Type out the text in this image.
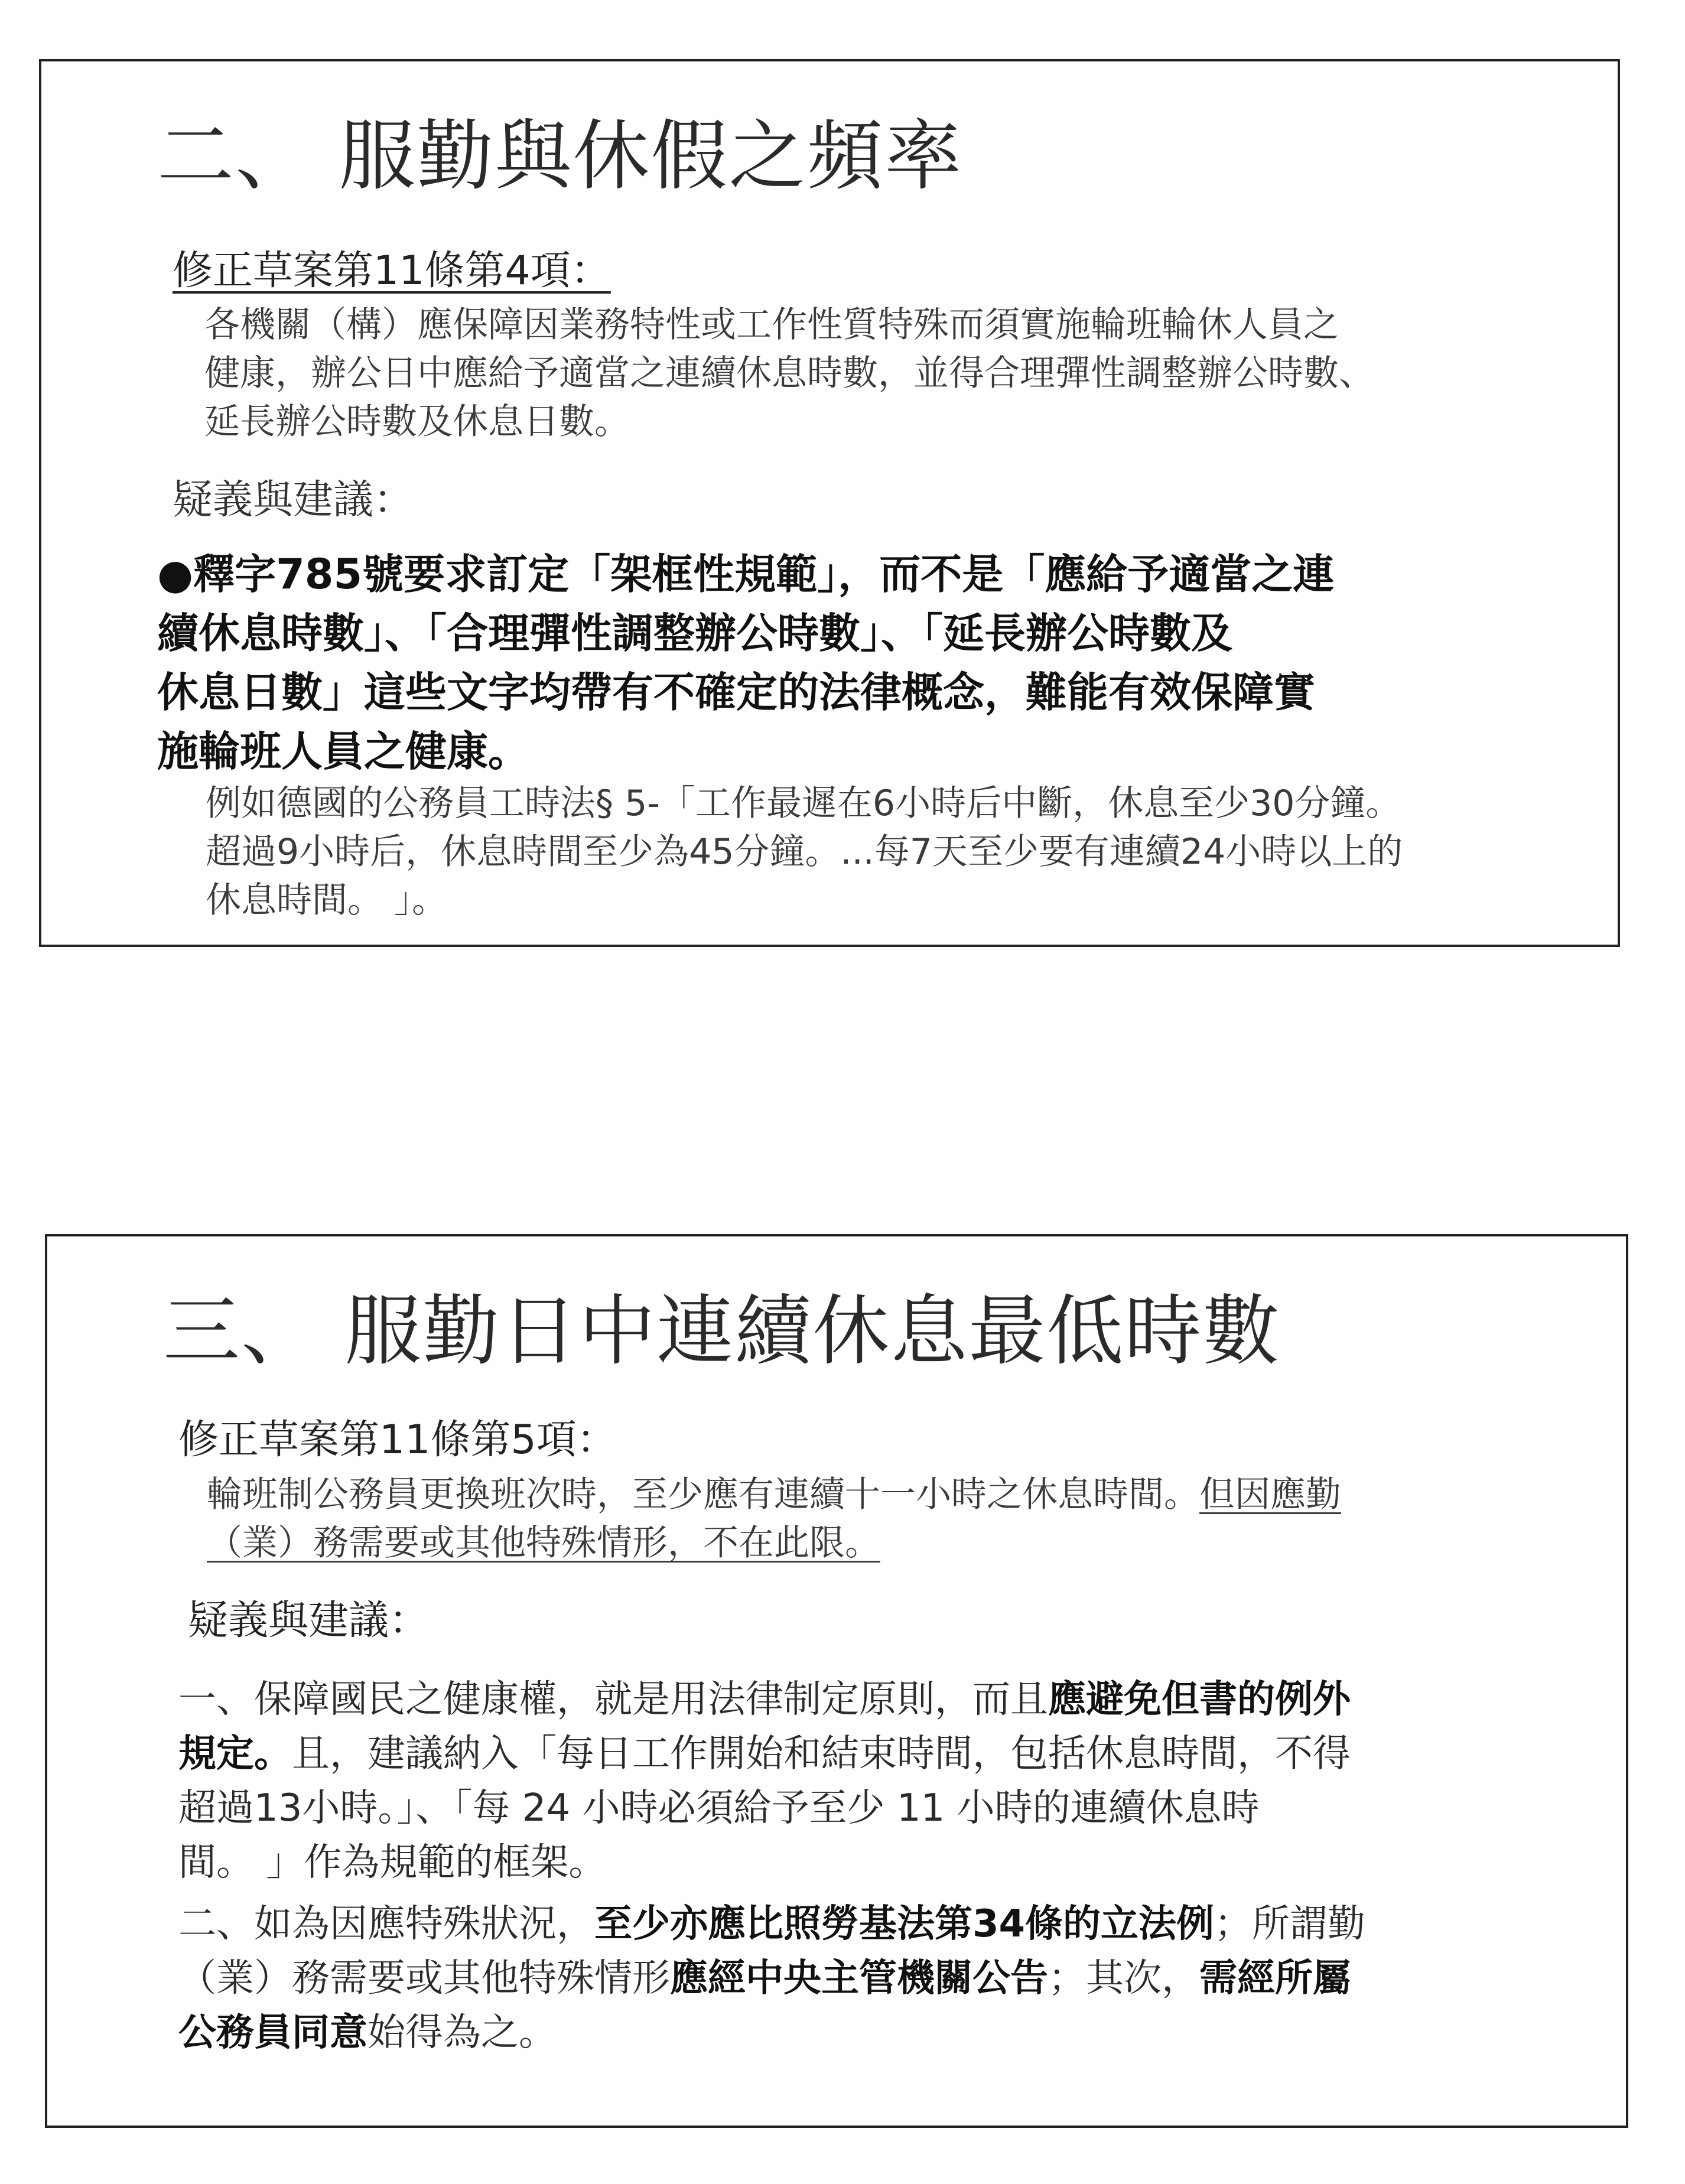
二、 服勤與休假之頻率
修正草案第11條第4項：
各機關（構）應保障因業務特性或工作性質特殊而須實施輪班輪休人員之
健康，辦公日中應給予適當之連續休息時數，並得合理彈性調整辦公時數、
延長辦公時數及休息日數。
疑義與建議：
●釋字785號要求訂定「架框性規範」，而不是「應給予適當之連
續休息時數」、「合理彈性調整辦公時數」、「延長辦公時數及
休息日數」這些文字均帶有不確定的法律概念，難能有效保障實
施輪班人員之健康。
例如德國的公務員工時法§ 5-「工作最遲在6小時后中斷，休息至少30分鐘。
超過9小時后，休息時間至少為45分鐘。...每7天至少要有連續24小時以上的
休息時間。 」。
三、 服勤日中連續休息最低時數
修正草案第11條第5項：
輪班制公務員更換班次時，至少應有連續十一小時之休息時間。但因應勤
（業）務需要或其他特殊情形，不在此限。
疑義與建議：
一、保障國民之健康權，就是用法律制定原則，而且應避免但書的例外
規定。且，建議納入「每日工作開始和結束時間，包括休息時間，不得
超過13小時。」、「每 24 小時必須給予至少 11 小時的連續休息時
間。 」作為規範的框架。
二、如為因應特殊狀況，至少亦應比照勞基法第34條的立法例；所謂勤
（業）務需要或其他特殊情形應經中央主管機關公告；其次，需經所屬
公務員同意始得為之。
